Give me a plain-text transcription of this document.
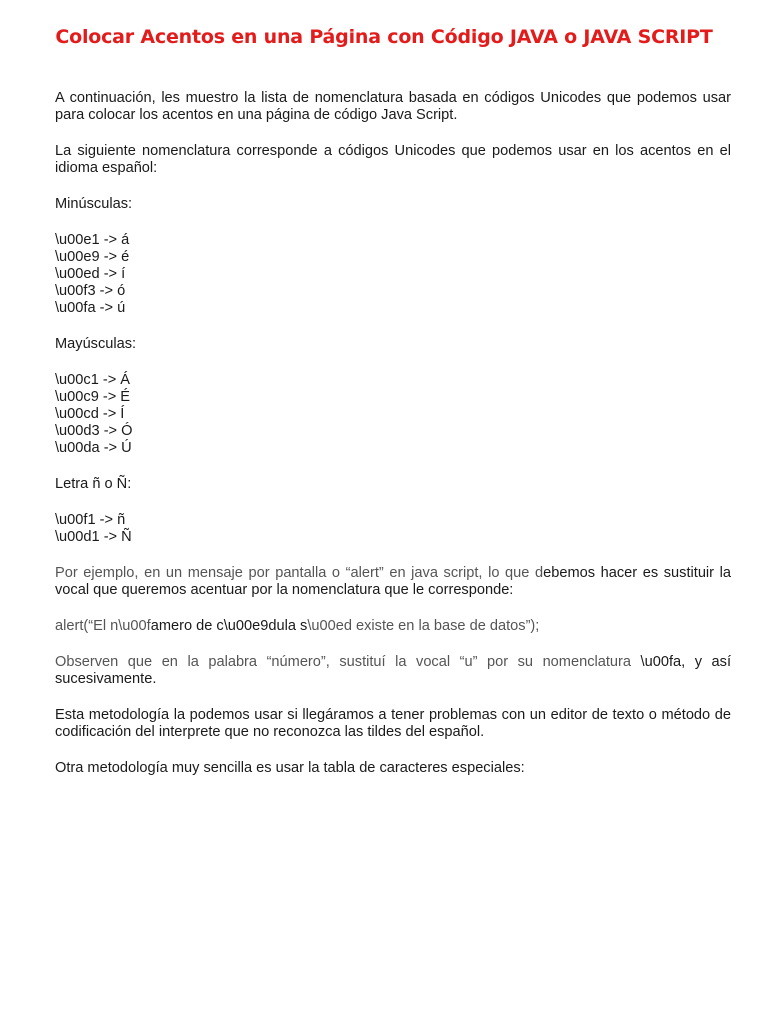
Colocar Acentos en una Página con Código JAVA o JAVA SCRIPT

A continuación, les muestro la lista de nomenclatura basada en códigos Unicodes que podemos usar para colocar los acentos en una página de código Java Script.

La siguiente nomenclatura corresponde a códigos Unicodes que podemos usar en los acentos en el idioma español:

Minúsculas:

\u00e1 -> á
\u00e9 -> é
\u00ed -> í
\u00f3 -> ó
\u00fa -> ú

Mayúsculas:

\u00c1 -> Á
\u00c9 -> É
\u00cd -> Í
\u00d3 -> Ó
\u00da -> Ú

Letra ñ o Ñ:

\u00f1 -> ñ
\u00d1 -> Ñ

Por ejemplo, en un mensaje por pantalla o “alert” en java script, lo que debemos hacer es sustituir la vocal que queremos acentuar por la nomenclatura que le corresponde:

alert(“El n\u00famero de c\u00e9dula s\u00ed existe en la base de datos”);

Observen que en la palabra “número”, sustituí la vocal “u” por su nomenclatura \u00fa, y así sucesivamente.

Esta metodología la podemos usar si llegáramos a tener problemas con un editor de texto o método de codificación del interprete que no reconozca las tildes del español.

Otra metodología muy sencilla es usar la tabla de caracteres especiales:
